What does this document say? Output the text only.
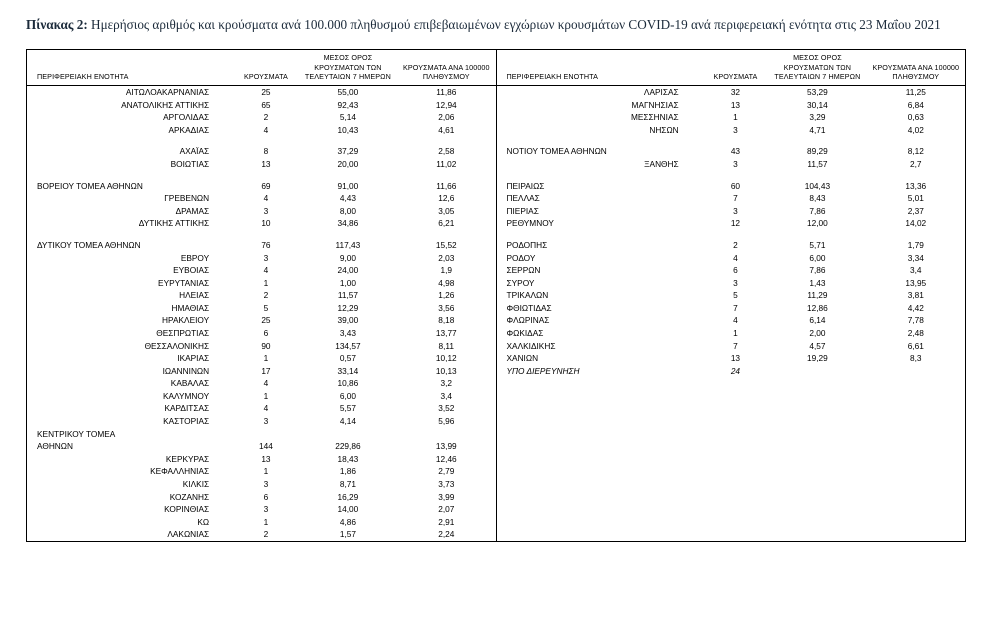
Πίνακας 2: Ημερήσιος αριθμός και κρούσματα ανά 100.000 πληθυσμού επιβεβαιωμένων εγχώριων κρουσμάτων COVID-19 ανά περιφερειακή ενότητα στις 23 Μαΐου 2021

ΠΕΡΙΦΕΡΕΙΑΚΗ ΕΝΟΤΗΤΑ	ΚΡΟΥΣΜΑΤΑ	ΜΕΣΟΣ ΟΡΟΣ ΚΡΟΥΣΜΑΤΩΝ ΤΩΝ ΤΕΛΕΥΤΑΙΩΝ 7 ΗΜΕΡΩΝ	ΚΡΟΥΣΜΑΤΑ ΑΝΑ 100000 ΠΛΗΘΥΣΜΟΥ
ΑΙΤΩΛΟΑΚΑΡΝΑΝΙΑΣ	25	55,00	11,86
ΑΝΑΤΟΛΙΚΗΣ ΑΤΤΙΚΗΣ	65	92,43	12,94
ΑΡΓΟΛΙΔΑΣ	2	5,14	2,06
ΑΡΚΑΔΙΑΣ	4	10,43	4,61

ΑΧΑΪΑΣ	8	37,29	2,58
ΒΟΙΩΤΙΑΣ	13	20,00	11,02

ΒΟΡΕΙΟΥ ΤΟΜΕΑ ΑΘΗΝΩΝ	69	91,00	11,66
ΓΡΕΒΕΝΩΝ	4	4,43	12,6
ΔΡΑΜΑΣ	3	8,00	3,05
ΔΥΤΙΚΗΣ ΑΤΤΙΚΗΣ	10	34,86	6,21

ΔΥΤΙΚΟΥ ΤΟΜΕΑ ΑΘΗΝΩΝ	76	117,43	15,52
ΕΒΡΟΥ	3	9,00	2,03
ΕΥΒΟΙΑΣ	4	24,00	1,9
ΕΥΡΥΤΑΝΙΑΣ	1	1,00	4,98
ΗΛΕΙΑΣ	2	11,57	1,26
ΗΜΑΘΙΑΣ	5	12,29	3,56
ΗΡΑΚΛΕΙΟΥ	25	39,00	8,18
ΘΕΣΠΡΩΤΙΑΣ	6	3,43	13,77
ΘΕΣΣΑΛΟΝΙΚΗΣ	90	134,57	8,11
ΙΚΑΡΙΑΣ	1	0,57	10,12
ΙΩΑΝΝΙΝΩΝ	17	33,14	10,13
ΚΑΒΑΛΑΣ	4	10,86	3,2
ΚΑΛΥΜΝΟΥ	1	6,00	3,4
ΚΑΡΔΙΤΣΑΣ	4	5,57	3,52
ΚΑΣΤΟΡΙΑΣ	3	4,14	5,96
ΚΕΝΤΡΙΚΟΥ ΤΟΜΕΑ			
ΑΘΗΝΩΝ	144	229,86	13,99
ΚΕΡΚΥΡΑΣ	13	18,43	12,46
ΚΕΦΑΛΛΗΝΙΑΣ	1	1,86	2,79
ΚΙΛΚΙΣ	3	8,71	3,73
ΚΟΖΑΝΗΣ	6	16,29	3,99
ΚΟΡΙΝΘΙΑΣ	3	14,00	2,07
ΚΩ	1	4,86	2,91
ΛΑΚΩΝΙΑΣ	2	1,57	2,24

ΠΕΡΙΦΕΡΕΙΑΚΗ ΕΝΟΤΗΤΑ	ΚΡΟΥΣΜΑΤΑ	ΜΕΣΟΣ ΟΡΟΣ ΚΡΟΥΣΜΑΤΩΝ ΤΩΝ ΤΕΛΕΥΤΑΙΩΝ 7 ΗΜΕΡΩΝ	ΚΡΟΥΣΜΑΤΑ ΑΝΑ 100000 ΠΛΗΘΥΣΜΟΥ
ΛΑΡΙΣΑΣ	32	53,29	11,25
ΜΑΓΝΗΣΙΑΣ	13	30,14	6,84
ΜΕΣΣΗΝΙΑΣ	1	3,29	0,63
ΝΗΣΩΝ	3	4,71	4,02

ΝΟΤΙΟΥ ΤΟΜΕΑ ΑΘΗΝΩΝ	43	89,29	8,12
ΞΑΝΘΗΣ	3	11,57	2,7

ΠΕΙΡΑΙΩΣ	60	104,43	13,36
ΠΕΛΛΑΣ	7	8,43	5,01
ΠΙΕΡΙΑΣ	3	7,86	2,37
ΡΕΘΥΜΝΟΥ	12	12,00	14,02

ΡΟΔΟΠΗΣ	2	5,71	1,79
ΡΟΔΟΥ	4	6,00	3,34
ΣΕΡΡΩΝ	6	7,86	3,4
ΣΥΡΟΥ	3	1,43	13,95
ΤΡΙΚΑΛΩΝ	5	11,29	3,81
ΦΘΙΩΤΙΔΑΣ	7	12,86	4,42
ΦΛΩΡΙΝΑΣ	4	6,14	7,78
ΦΩΚΙΔΑΣ	1	2,00	2,48
ΧΑΛΚΙΔΙΚΗΣ	7	4,57	6,61
ΧΑΝΙΩΝ	13	19,29	8,3
ΥΠΟ ΔΙΕΡΕΥΝΗΣΗ	24		
